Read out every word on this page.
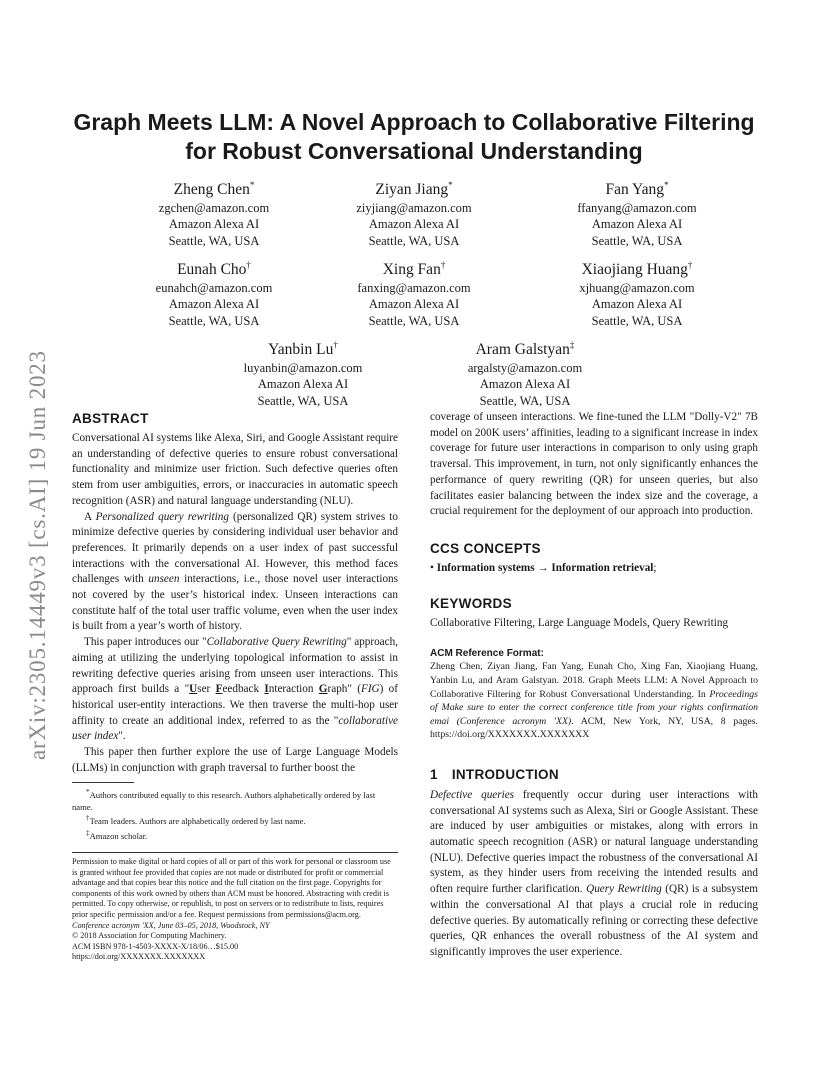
arXiv:2305.14449v3 [cs.AI] 19 Jun 2023
Graph Meets LLM: A Novel Approach to Collaborative Filtering
for Robust Conversational Understanding
Zheng Chen*
zgchen@amazon.com
Amazon Alexa AI
Seattle, WA, USA
Ziyan Jiang*
ziyjiang@amazon.com
Amazon Alexa AI
Seattle, WA, USA
Fan Yang*
ffanyang@amazon.com
Amazon Alexa AI
Seattle, WA, USA
Eunah Cho†
eunahch@amazon.com
Amazon Alexa AI
Seattle, WA, USA
Xing Fan†
fanxing@amazon.com
Amazon Alexa AI
Seattle, WA, USA
Xiaojiang Huang†
xjhuang@amazon.com
Amazon Alexa AI
Seattle, WA, USA
Yanbin Lu†
luyanbin@amazon.com
Amazon Alexa AI
Seattle, WA, USA
Aram Galstyan‡
argalsty@amazon.com
Amazon Alexa AI
Seattle, WA, USA
ABSTRACT

Conversational AI systems like Alexa, Siri, and Google Assistant require an understanding of defective queries to ensure robust conversational functionality and minimize user friction. Such defective queries often stem from user ambiguities, errors, or inaccuracies in automatic speech recognition (ASR) and natural language understanding (NLU).

A Personalized query rewriting (personalized QR) system strives to minimize defective queries by considering individual user behavior and preferences. It primarily depends on a user index of past successful interactions with the conversational AI. However, this method faces challenges with unseen interactions, i.e., those novel user interactions not covered by the user’s historical index. Unseen interactions can constitute half of the total user traffic volume, even when the user index is built from a year’s worth of history.

This paper introduces our "Collaborative Query Rewriting" approach, aiming at utilizing the underlying topological information to assist in rewriting defective queries arising from unseen user interactions. This approach first builds a "User Feedback Interaction Graph" (FIG) of historical user-entity interactions. We then traverse the multi-hop user affinity to create an additional index, referred to as the "collaborative user index".

This paper then further explore the use of Large Language Models (LLMs) in conjunction with graph traversal to further boost the

*Authors contributed equally to this research. Authors alphabetically ordered by last name.
†Team leaders. Authors are alphabetically ordered by last name.
‡Amazon scholar.
Permission to make digital or hard copies of all or part of this work for personal or classroom use is granted without fee provided that copies are not made or distributed for profit or commercial advantage and that copies bear this notice and the full citation on the first page. Copyrights for components of this work owned by others than ACM must be honored. Abstracting with credit is permitted. To copy otherwise, or republish, to post on servers or to redistribute to lists, requires prior specific permission and/or a fee. Request permissions from permissions@acm.org.
Conference acronym 'XX, June 03–05, 2018, Woodstock, NY
© 2018 Association for Computing Machinery.
ACM ISBN 978-1-4503-XXXX-X/18/06…$15.00
https://doi.org/XXXXXXX.XXXXXXX

coverage of unseen interactions. We fine-tuned the LLM "Dolly-V2" 7B model on 200K users’ affinities, leading to a significant increase in index coverage for future user interactions in comparison to only using graph traversal. This improvement, in turn, not only significantly enhances the performance of query rewriting (QR) for unseen queries, but also facilitates easier balancing between the index size and the coverage, a crucial requirement for the deployment of our approach into production.

CCS CONCEPTS

• Information systems → Information retrieval;

KEYWORDS

Collaborative Filtering, Large Language Models, Query Rewriting

ACM Reference Format:
Zheng Chen, Ziyan Jiang, Fan Yang, Eunah Cho, Xing Fan, Xiaojiang Huang, Yanbin Lu, and Aram Galstyan. 2018. Graph Meets LLM: A Novel Approach to Collaborative Filtering for Robust Conversational Understanding. In Proceedings of Make sure to enter the correct conference title from your rights confirmation emai (Conference acronym 'XX). ACM, New York, NY, USA, 8 pages. https://doi.org/XXXXXXX.XXXXXXX
1 INTRODUCTION

Defective queries frequently occur during user interactions with conversational AI systems such as Alexa, Siri or Google Assistant. These are induced by user ambiguities or mistakes, along with errors in automatic speech recognition (ASR) or natural language understanding (NLU). Defective queries impact the robustness of the conversational AI system, as they hinder users from receiving the intended results and often require further clarification. Query Rewriting (QR) is a subsystem within the conversational AI that plays a crucial role in reducing defective queries. By automatically refining or correcting these defective queries, QR enhances the overall robustness of the AI system and significantly improves the user experience.
